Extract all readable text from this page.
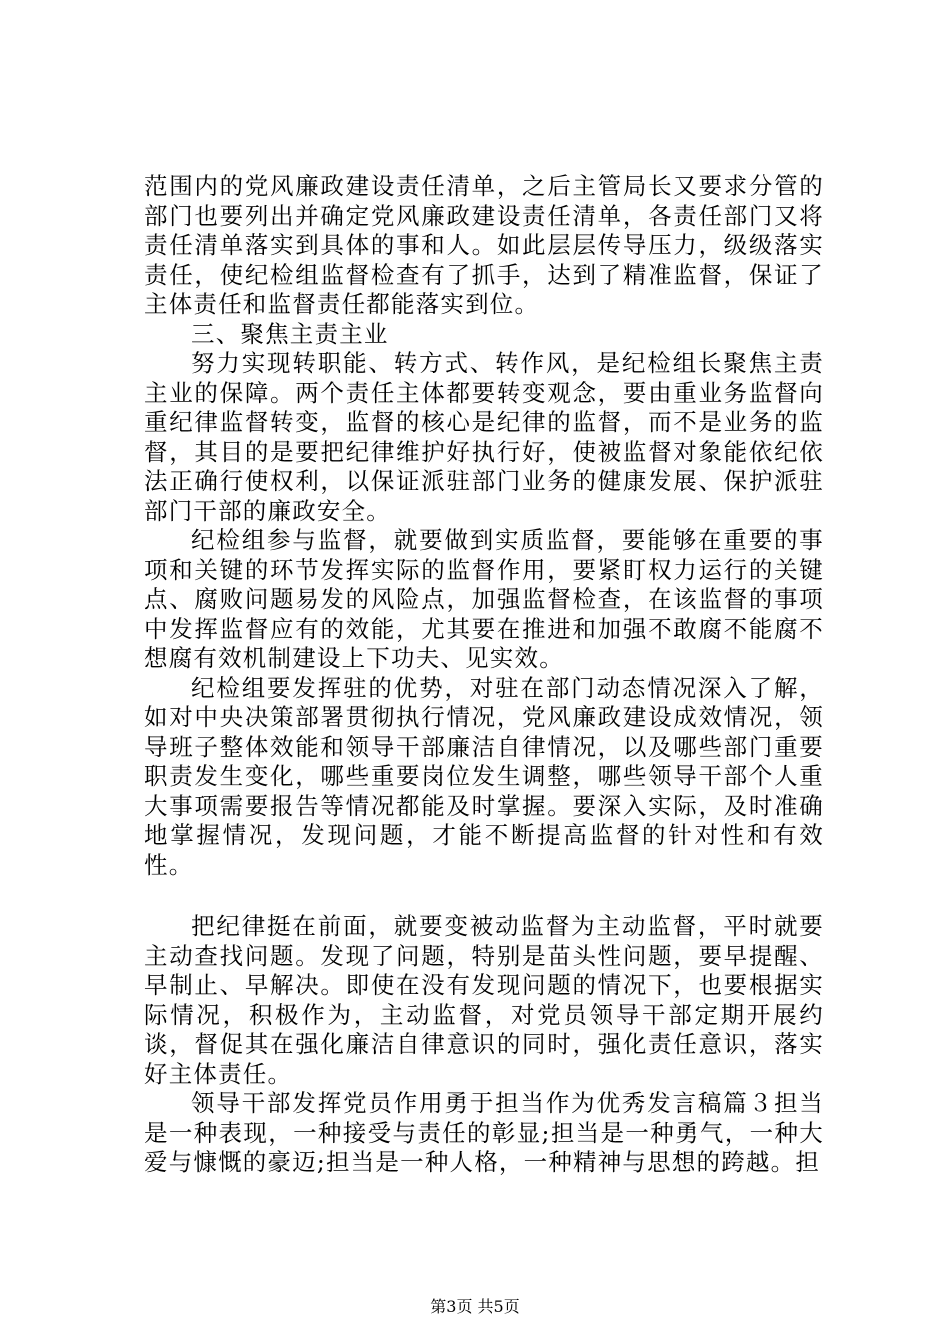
范围内的党风廉政建设责任清单，之后主管局长又要求分管的部门也要列出并确定党风廉政建设责任清单，各责任部门又将责任清单落实到具体的事和人。如此层层传导压力，级级落实责任，使纪检组监督检查有了抓手，达到了精准监督，保证了主体责任和监督责任都能落实到位。

三、聚焦主责主业

努力实现转职能、转方式、转作风，是纪检组长聚焦主责主业的保障。两个责任主体都要转变观念，要由重业务监督向重纪律监督转变，监督的核心是纪律的监督，而不是业务的监督，其目的是要把纪律维护好执行好，使被监督对象能依纪依法正确行使权利，以保证派驻部门业务的健康发展、保护派驻部门干部的廉政安全。

纪检组参与监督，就要做到实质监督，要能够在重要的事项和关键的环节发挥实际的监督作用，要紧盯权力运行的关键点、腐败问题易发的风险点，加强监督检查，在该监督的事项中发挥监督应有的效能，尤其要在推进和加强不敢腐不能腐不想腐有效机制建设上下功夫、见实效。

纪检组要发挥驻的优势，对驻在部门动态情况深入了解，如对中央决策部署贯彻执行情况，党风廉政建设成效情况，领导班子整体效能和领导干部廉洁自律情况，以及哪些部门重要职责发生变化，哪些重要岗位发生调整，哪些领导干部个人重大事项需要报告等情况都能及时掌握。要深入实际，及时准确地掌握情况，发现问题，才能不断提高监督的针对性和有效性。

把纪律挺在前面，就要变被动监督为主动监督，平时就要主动查找问题。发现了问题，特别是苗头性问题，要早提醒、早制止、早解决。即使在没有发现问题的情况下，也要根据实际情况，积极作为，主动监督，对党员领导干部定期开展约谈，督促其在强化廉洁自律意识的同时，强化责任意识，落实好主体责任。

领导干部发挥党员作用勇于担当作为优秀发言稿篇３担当是一种表现，一种接受与责任的彰显;担当是一种勇气，一种大爱与慷慨的豪迈;担当是一种人格，一种精神与思想的跨越。担

第3页 共5页
